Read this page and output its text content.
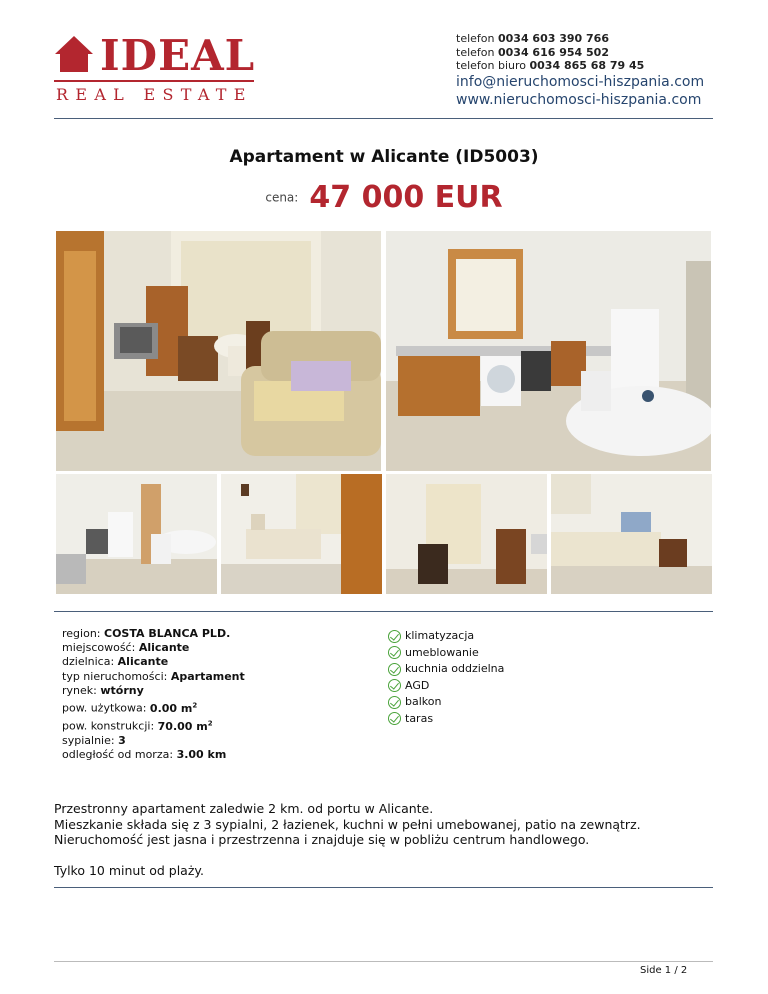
IDEAL
REAL ESTATE
telefon 0034 603 390 766
telefon 0034 616 954 502
telefon biuro 0034 865 68 79 45
info@nieruchomosci-hiszpania.com
www.nieruchomosci-hiszpania.com
Apartament w Alicante (ID5003)
cena: 47 000 EUR
region: COSTA BLANCA PLD.
miejscowość: Alicante
dzielnica: Alicante
typ nieruchomości: Apartament
rynek: wtórny
pow. użytkowa: 0.00 $m^2$
pow. konstrukcji: 70.00 $m^2$
sypialnie: 3
odległość od morza: 3.00 km
klimatyzacja
umeblowanie
kuchnia oddzielna
AGD
balkon
taras

Przestronny apartament zaledwie 2 km. od portu w Alicante.

Mieszkanie składa się z 3 sypialni, 2 łazienek, kuchni w pełni umebowanej, patio na zewnątrz.

Nieruchomość jest jasna i przestrzenna i znajduje się w pobliżu centrum handlowego.

Tylko 10 minut od plaży.

Side 1 / 2
